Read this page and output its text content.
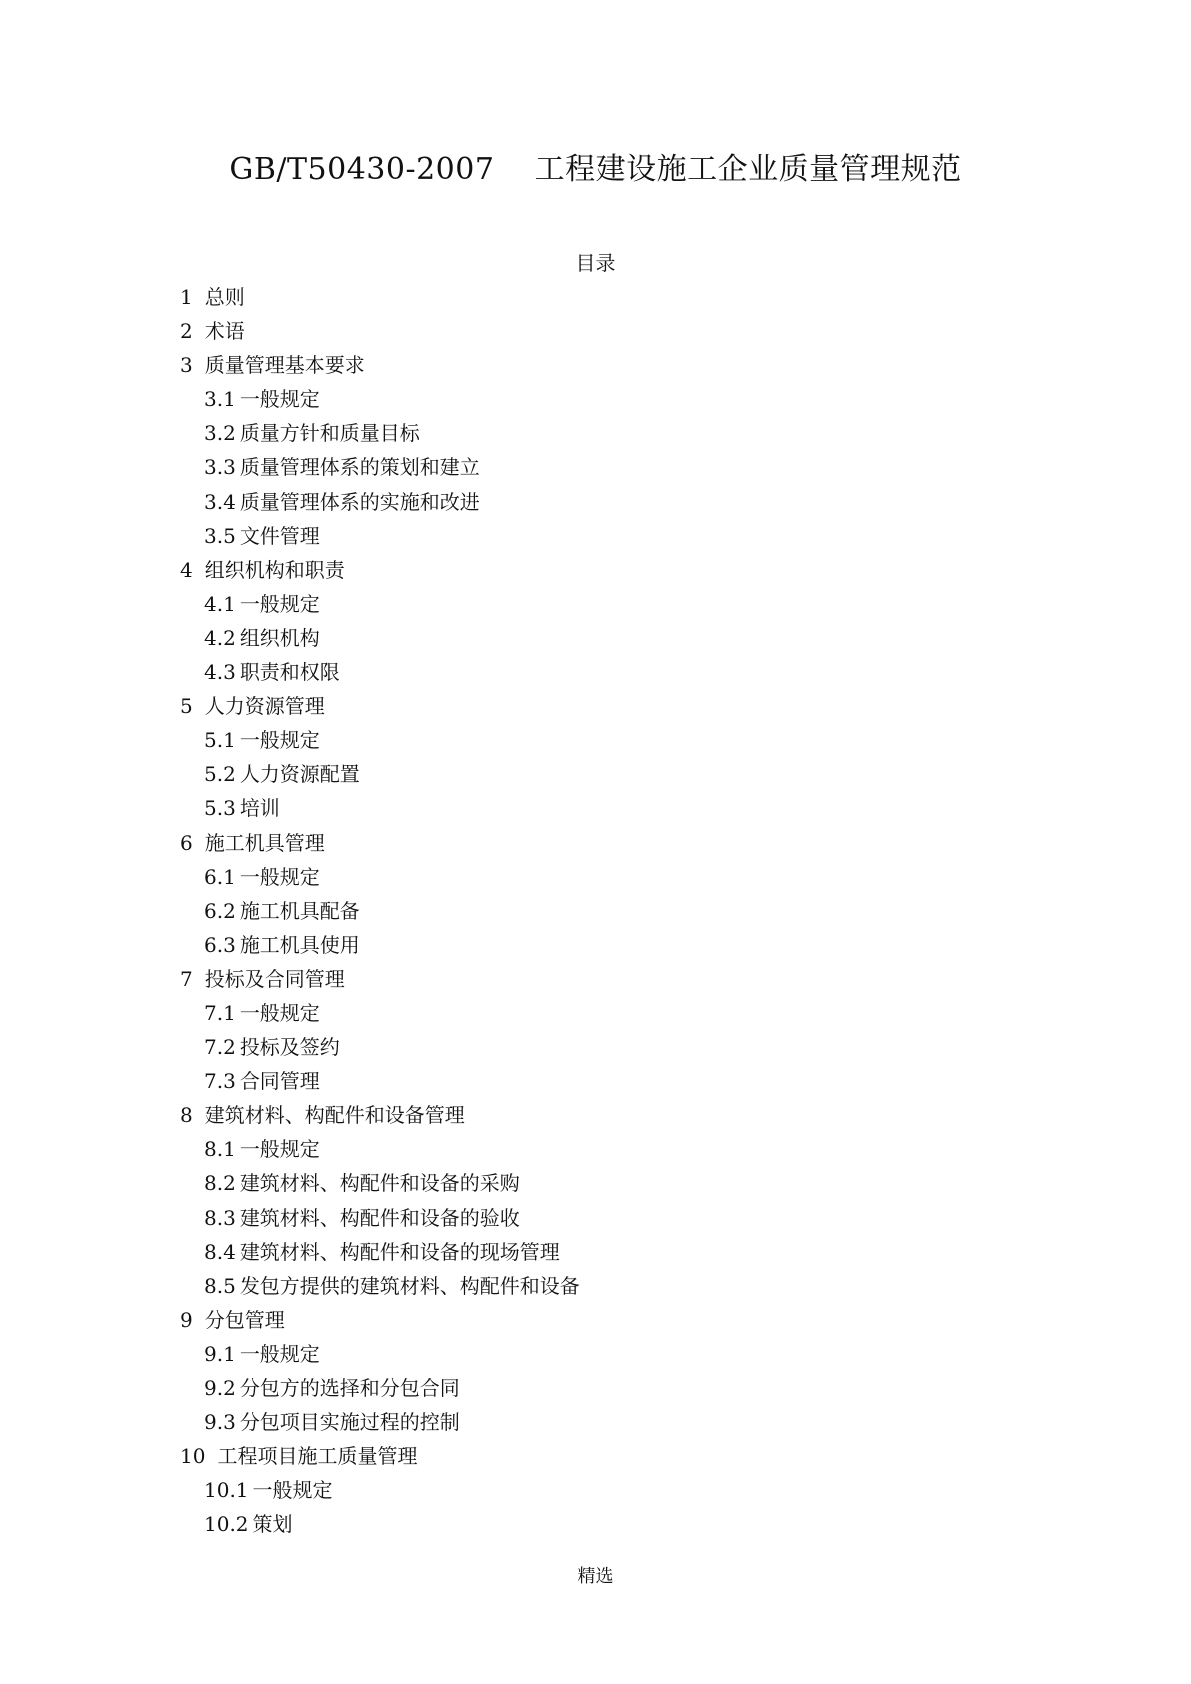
GB/T50430-2007    工程建设施工企业质量管理规范
目录
1 总则
2 术语
3 质量管理基本要求
3.1 一般规定
3.2 质量方针和质量目标
3.3 质量管理体系的策划和建立
3.4 质量管理体系的实施和改进
3.5 文件管理
4 组织机构和职责
4.1 一般规定
4.2 组织机构
4.3 职责和权限
5 人力资源管理
5.1 一般规定
5.2 人力资源配置
5.3 培训
6 施工机具管理
6.1 一般规定
6.2 施工机具配备
6.3 施工机具使用
7 投标及合同管理
7.1 一般规定
7.2 投标及签约
7.3 合同管理
8 建筑材料、构配件和设备管理
8.1 一般规定
8.2 建筑材料、构配件和设备的采购
8.3 建筑材料、构配件和设备的验收
8.4 建筑材料、构配件和设备的现场管理
8.5 发包方提供的建筑材料、构配件和设备
9 分包管理
9.1 一般规定
9.2 分包方的选择和分包合同
9.3 分包项目实施过程的控制
10 工程项目施工质量管理
10.1 一般规定
10.2 策划
精选
